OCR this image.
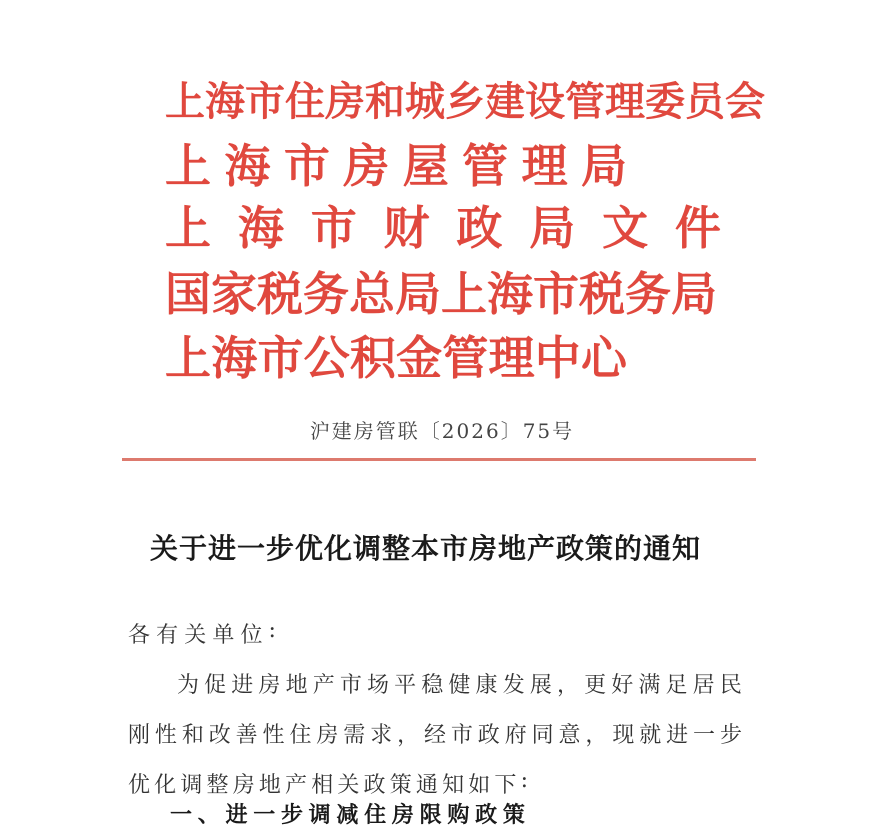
上 海 市 住 房 和 城 乡 建 设 管 理 委 员 会
上 海 市 房 屋 管 理 局
上 海 市 财 政 局 文 件
国 家 税 务 总 局 上 海 市 税 务 局
上 海 市 公 积 金 管 理 中 心
沪建房管联〔2026〕75号
关于进一步优化调整本市房地产政策的通知
各 有 关 单 位 :
为 促 进 房 地 产 市 场 平 稳 健 康 发 展 ， 更 好 满 足 居 民
刚 性 和 改 善 性 住 房 需 求 ， 经 市 政 府 同 意 ， 现 就 进 一 步
优 化 调 整 房 地 产 相 关 政 策 通 知 如 下 :
一 、 进 一 步 调 减 住 房 限 购 政 策
